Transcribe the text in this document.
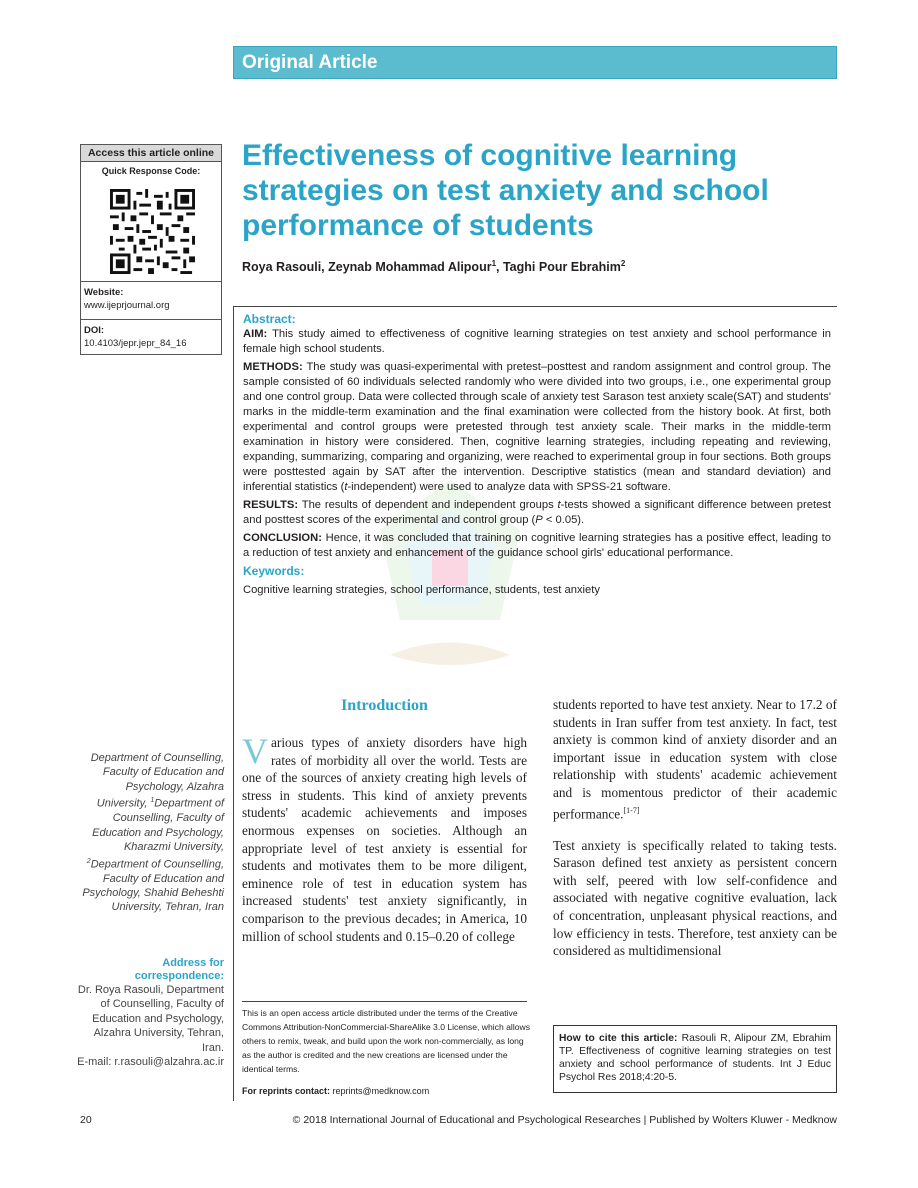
Original Article
Access this article online
Quick Response Code:
Website:
www.ijeprjournal.org
DOI:
10.4103/jepr.jepr_84_16
Effectiveness of cognitive learning strategies on test anxiety and school performance of students
Roya Rasouli, Zeynab Mohammad Alipour$^1$, Taghi Pour Ebrahim$^2$
Abstract:

AIM: This study aimed to effectiveness of cognitive learning strategies on test anxiety and school performance in female high school students.

METHODS: The study was quasi-experimental with pretest–posttest and random assignment and control group. The sample consisted of 60 individuals selected randomly who were divided into two groups, i.e., one experimental group and one control group. Data were collected through scale of anxiety test Sarason test anxiety scale(SAT) and students' marks in the middle-term examination and the final examination were collected from the history book. At first, both experimental and control groups were pretested through test anxiety scale. Their marks in the middle-term examination in history were considered. Then, cognitive learning strategies, including repeating and reviewing, expanding, summarizing, comparing and organizing, were reached to experimental group in four sections. Both groups were posttested again by SAT after the intervention. Descriptive statistics (mean and standard deviation) and inferential statistics (t-independent) were used to analyze data with SPSS-21 software.

RESULTS: The results of dependent and independent groups t-tests showed a significant difference between pretest and posttest scores of the experimental and control group (P < 0.05).

CONCLUSION: Hence, it was concluded that training on cognitive learning strategies has a positive effect, leading to a reduction of test anxiety and enhancement of the guidance school girls' educational performance.

Keywords:
Cognitive learning strategies, school performance, students, test anxiety
Introduction
Various types of anxiety disorders have high rates of morbidity all over the world. Tests are one of the sources of anxiety creating high levels of stress in students. This kind of anxiety prevents students' academic achievements and imposes enormous expenses on societies. Although an appropriate level of test anxiety is essential for students and motivates them to be more diligent, eminence role of test in education system has increased students' test anxiety significantly, in comparison to the previous decades; in America, 10 million of school students and 0.15–0.20 of college

students reported to have test anxiety. Near to 17.2 of students in Iran suffer from test anxiety. In fact, test anxiety is common kind of anxiety disorder and an important issue in education system with close relationship with students' academic achievement and is momentous predictor of their academic performance.[1-7]

Test anxiety is specifically related to taking tests. Sarason defined test anxiety as persistent concern with self, peered with low self-confidence and associated with negative cognitive evaluation, lack of concentration, unpleasant physical reactions, and low efficiency in tests. Therefore, test anxiety can be considered as multidimensional

This is an open access article distributed under the terms of the Creative Commons Attribution-NonCommercial-ShareAlike 3.0 License, which allows others to remix, tweak, and build upon the work non-commercially, as long as the author is credited and the new creations are licensed under the identical terms.
For reprints contact: reprints@medknow.com
How to cite this article: Rasouli R, Alipour ZM, Ebrahim TP. Effectiveness of cognitive learning strategies on test anxiety and school performance of students. Int J Educ Psychol Res 2018;4:20-5.
Department of Counselling, Faculty of Education and Psychology, Alzahra University, $^1$Department of Counselling, Faculty of Education and Psychology, Kharazmi University, $^2$Department of Counselling, Faculty of Education and Psychology, Shahid Beheshti University, Tehran, Iran
Address for correspondence:
Dr. Roya Rasouli, Department of Counselling, Faculty of Education and Psychology, Alzahra University, Tehran, Iran.
E-mail: r.rasouli@alzahra.ac.ir
20	© 2018 International Journal of Educational and Psychological Researches | Published by Wolters Kluwer - Medknow
